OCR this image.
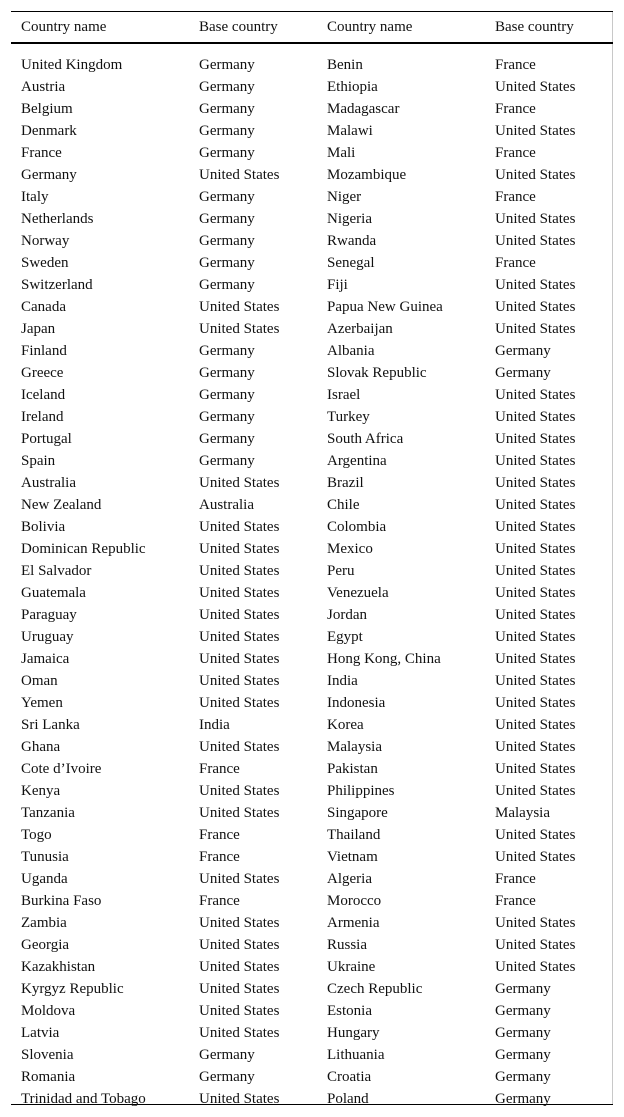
Country name	Base country	Country name	Base country

United Kingdom	Germany	Benin	France
Austria	Germany	Ethiopia	United States
Belgium	Germany	Madagascar	France
Denmark	Germany	Malawi	United States
France	Germany	Mali	France
Germany	United States	Mozambique	United States
Italy	Germany	Niger	France
Netherlands	Germany	Nigeria	United States
Norway	Germany	Rwanda	United States
Sweden	Germany	Senegal	France
Switzerland	Germany	Fiji	United States
Canada	United States	Papua New Guinea	United States
Japan	United States	Azerbaijan	United States
Finland	Germany	Albania	Germany
Greece	Germany	Slovak Republic	Germany
Iceland	Germany	Israel	United States
Ireland	Germany	Turkey	United States
Portugal	Germany	South Africa	United States
Spain	Germany	Argentina	United States
Australia	United States	Brazil	United States
New Zealand	Australia	Chile	United States
Bolivia	United States	Colombia	United States
Dominican Republic	United States	Mexico	United States
El Salvador	United States	Peru	United States
Guatemala	United States	Venezuela	United States
Paraguay	United States	Jordan	United States
Uruguay	United States	Egypt	United States
Jamaica	United States	Hong Kong, China	United States
Oman	United States	India	United States
Yemen	United States	Indonesia	United States
Sri Lanka	India	Korea	United States
Ghana	United States	Malaysia	United States
Cote d’Ivoire	France	Pakistan	United States
Kenya	United States	Philippines	United States
Tanzania	United States	Singapore	Malaysia
Togo	France	Thailand	United States
Tunusia	France	Vietnam	United States
Uganda	United States	Algeria	France
Burkina Faso	France	Morocco	France
Zambia	United States	Armenia	United States
Georgia	United States	Russia	United States
Kazakhistan	United States	Ukraine	United States
Kyrgyz Republic	United States	Czech Republic	Germany
Moldova	United States	Estonia	Germany
Latvia	United States	Hungary	Germany
Slovenia	Germany	Lithuania	Germany
Romania	Germany	Croatia	Germany
Trinidad and Tobago	United States	Poland	Germany
